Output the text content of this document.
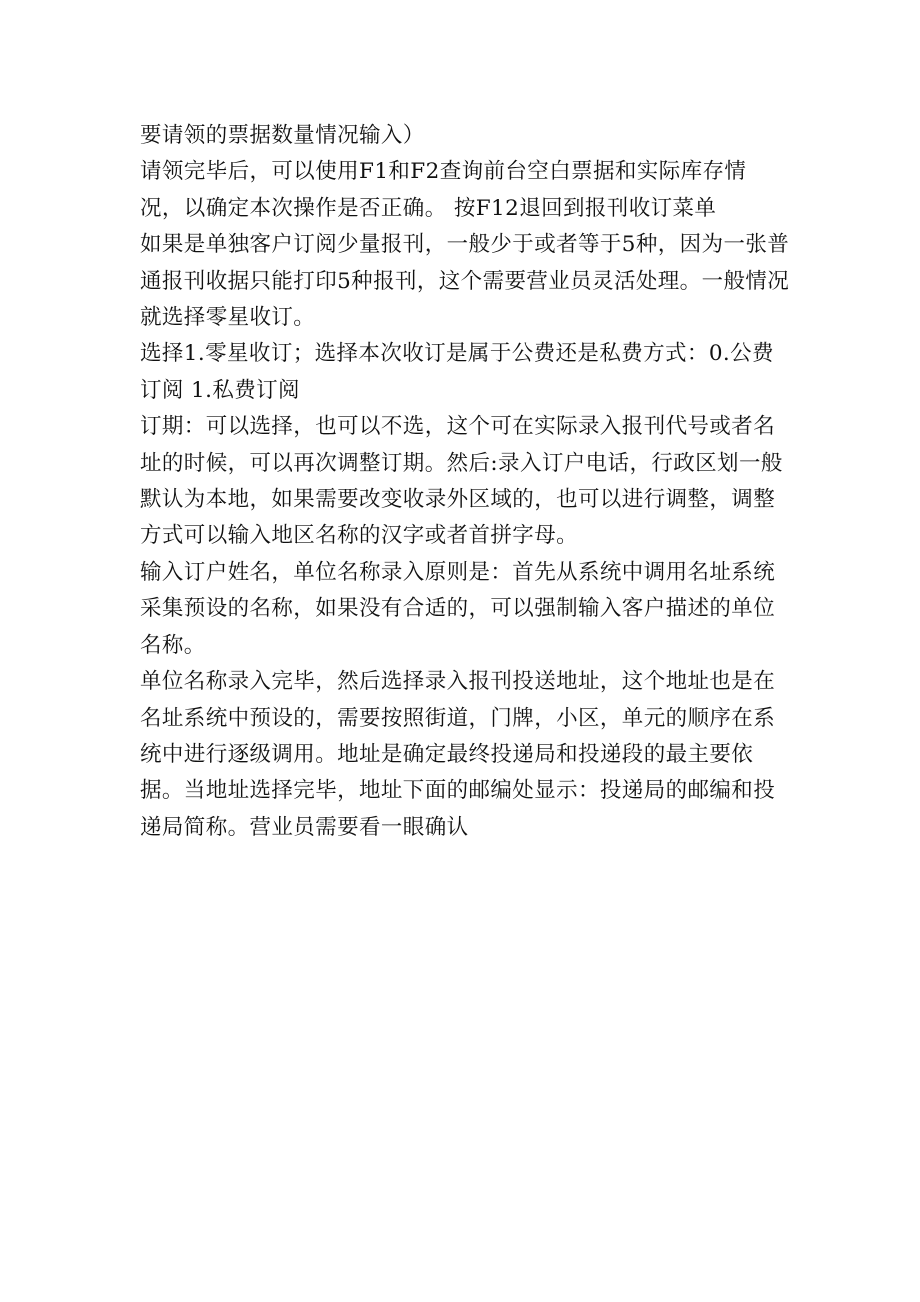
要请领的票据数量情况输入）

请领完毕后，可以使用F1和F2查询前台空白票据和实际库存情况，以确定本次操作是否正确。 按F12退回到报刊收订菜单

如果是单独客户订阅少量报刊，一般少于或者等于5种，因为一张普通报刊收据只能打印5种报刊，这个需要营业员灵活处理。一般情况就选择零星收订。

选择1.零星收订；选择本次收订是属于公费还是私费方式：0.公费订阅 1.私费订阅

订期：可以选择，也可以不选，这个可在实际录入报刊代号或者名址的时候，可以再次调整订期。然后:录入订户电话，行政区划一般默认为本地，如果需要改变收录外区域的，也可以进行调整，调整方式可以输入地区名称的汉字或者首拼字母。

输入订户姓名，单位名称录入原则是：首先从系统中调用名址系统采集预设的名称，如果没有合适的，可以强制输入客户描述的单位名称。

单位名称录入完毕，然后选择录入报刊投送地址，这个地址也是在名址系统中预设的，需要按照街道，门牌，小区，单元的顺序在系统中进行逐级调用。地址是确定最终投递局和投递段的最主要依据。当地址选择完毕，地址下面的邮编处显示：投递局的邮编和投递局简称。营业员需要看一眼确认
